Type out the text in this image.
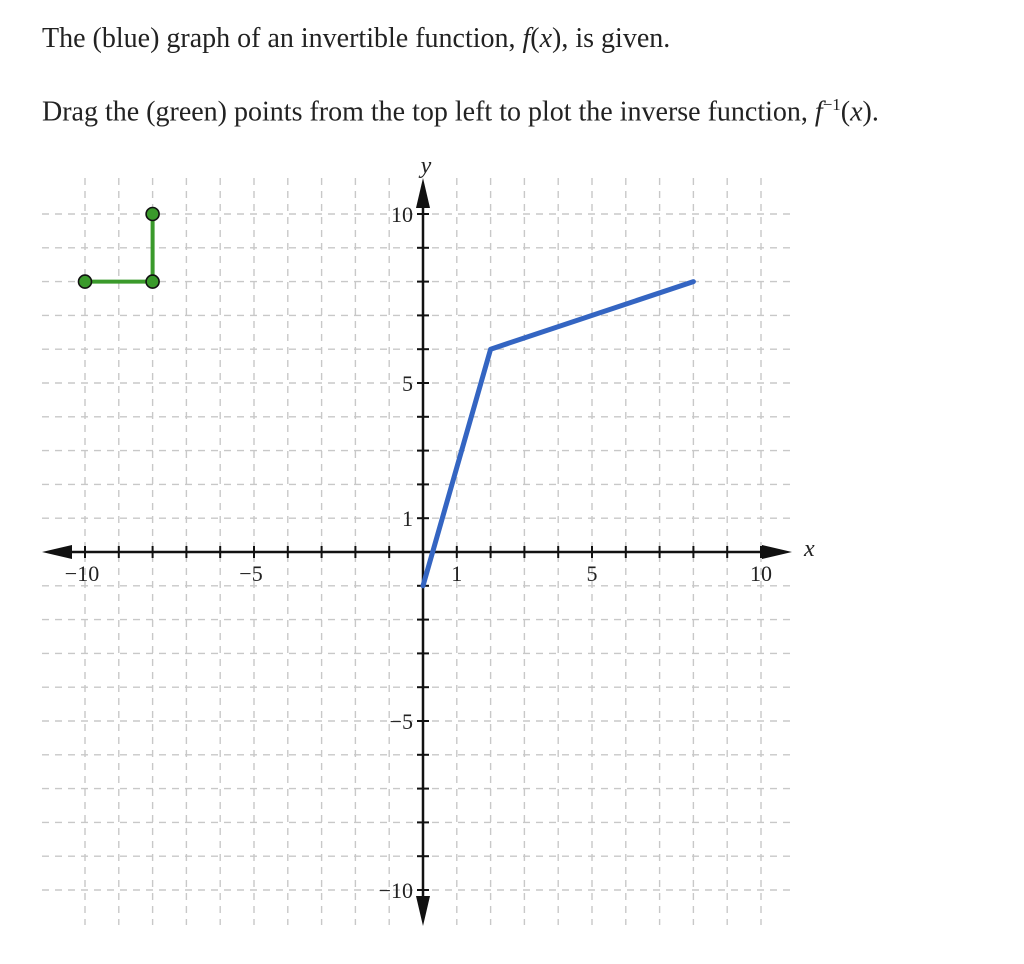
The (blue) graph of an invertible function, f(x), is given.

Drag the (green) points from the top left to plot the inverse function, $f^{-1}(x)$.

−10	−5	1	5	10
10
5
1
−5
−10
x
y
